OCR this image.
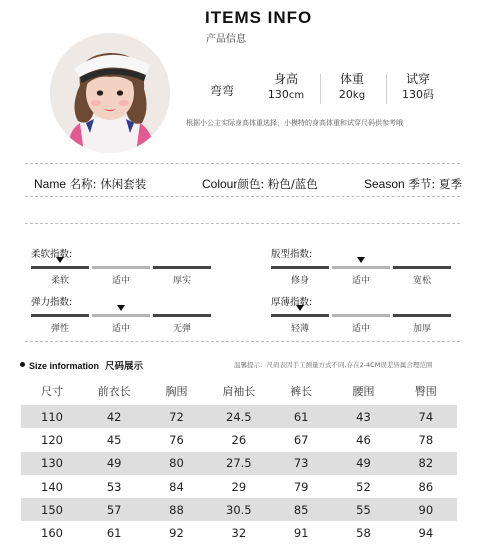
ITEMS INFO
产品信息
弯弯
身高
130cm
体重
20kg
试穿
130码
根据小公主实际身高体重选择，小模特的身高体重和试穿尺码供参考哦
Name 名称: 休闲套装	Colour颜色: 粉色/蓝色	Season 季节: 夏季
柔软指数:
柔软	适中	厚实
版型指数:
修身	适中	宽松
弹力指数:
弹性	适中	无弹
厚薄指数:
轻薄	适中	加厚
Size information 尺码展示	温馨提示：尺码表因手工测量方式不同,存在2-4CM误差皆属合理范围
尺寸	前衣长	胸围	肩袖长	裤长	腰围	臀围
110	42	72	24.5	61	43	74
120	45	76	26	67	46	78
130	49	80	27.5	73	49	82
140	53	84	29	79	52	86
150	57	88	30.5	85	55	90
160	61	92	32	91	58	94
